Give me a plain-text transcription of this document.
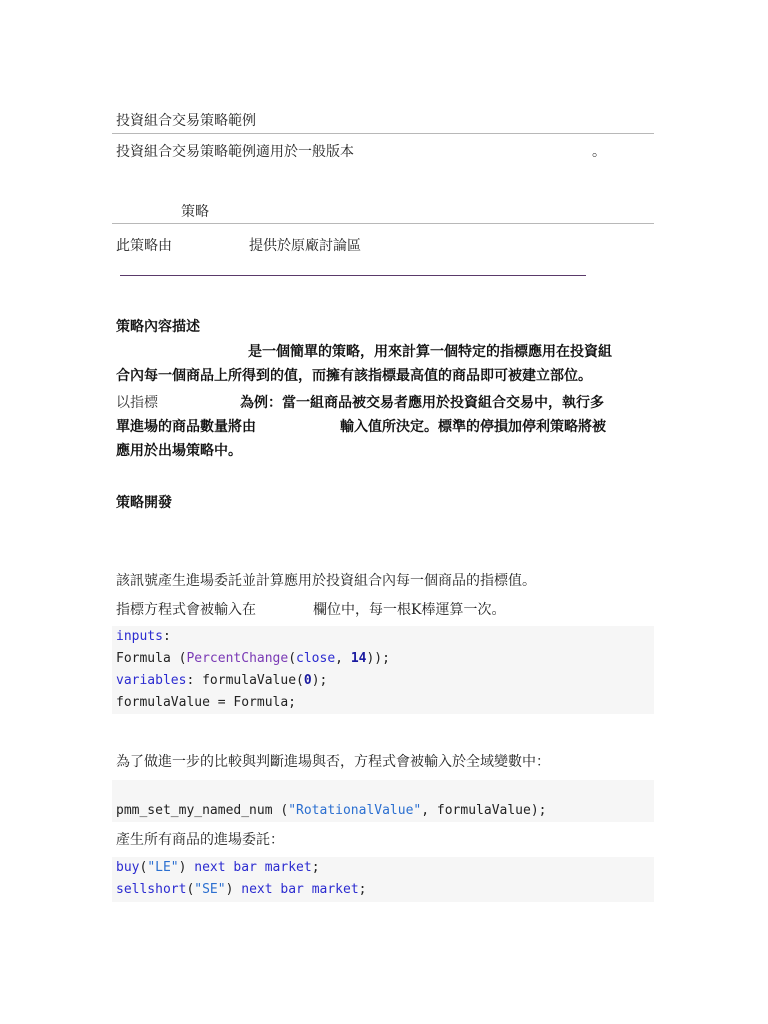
投資組合交易策略範例
投資組合交易策略範例適用於一般版本	。
策略
此策略由	提供於原廠討論區
策略內容描述
是一個簡單的策略，用來計算一個特定的指標應用在投資組
合內每一個商品上所得到的值，而擁有該指標最高值的商品即可被建立部位。
以指標	為例：當一組商品被交易者應用於投資組合交易中，執行多
單進場的商品數量將由	輸入值所決定。標準的停損加停利策略將被
應用於出場策略中。
策略開發
該訊號產生進場委託並計算應用於投資組合內每一個商品的指標值。
指標方程式會被輸入在	欄位中，每一根K棒運算一次。
inputs:
Formula (PercentChange(close, 14));
variables: formulaValue(0);
formulaValue = Formula;
為了做進一步的比較與判斷進場與否，方程式會被輸入於全域變數中：
pmm_set_my_named_num ("RotationalValue", formulaValue);
產生所有商品的進場委託：
buy("LE") next bar market;
sellshort("SE") next bar market;
